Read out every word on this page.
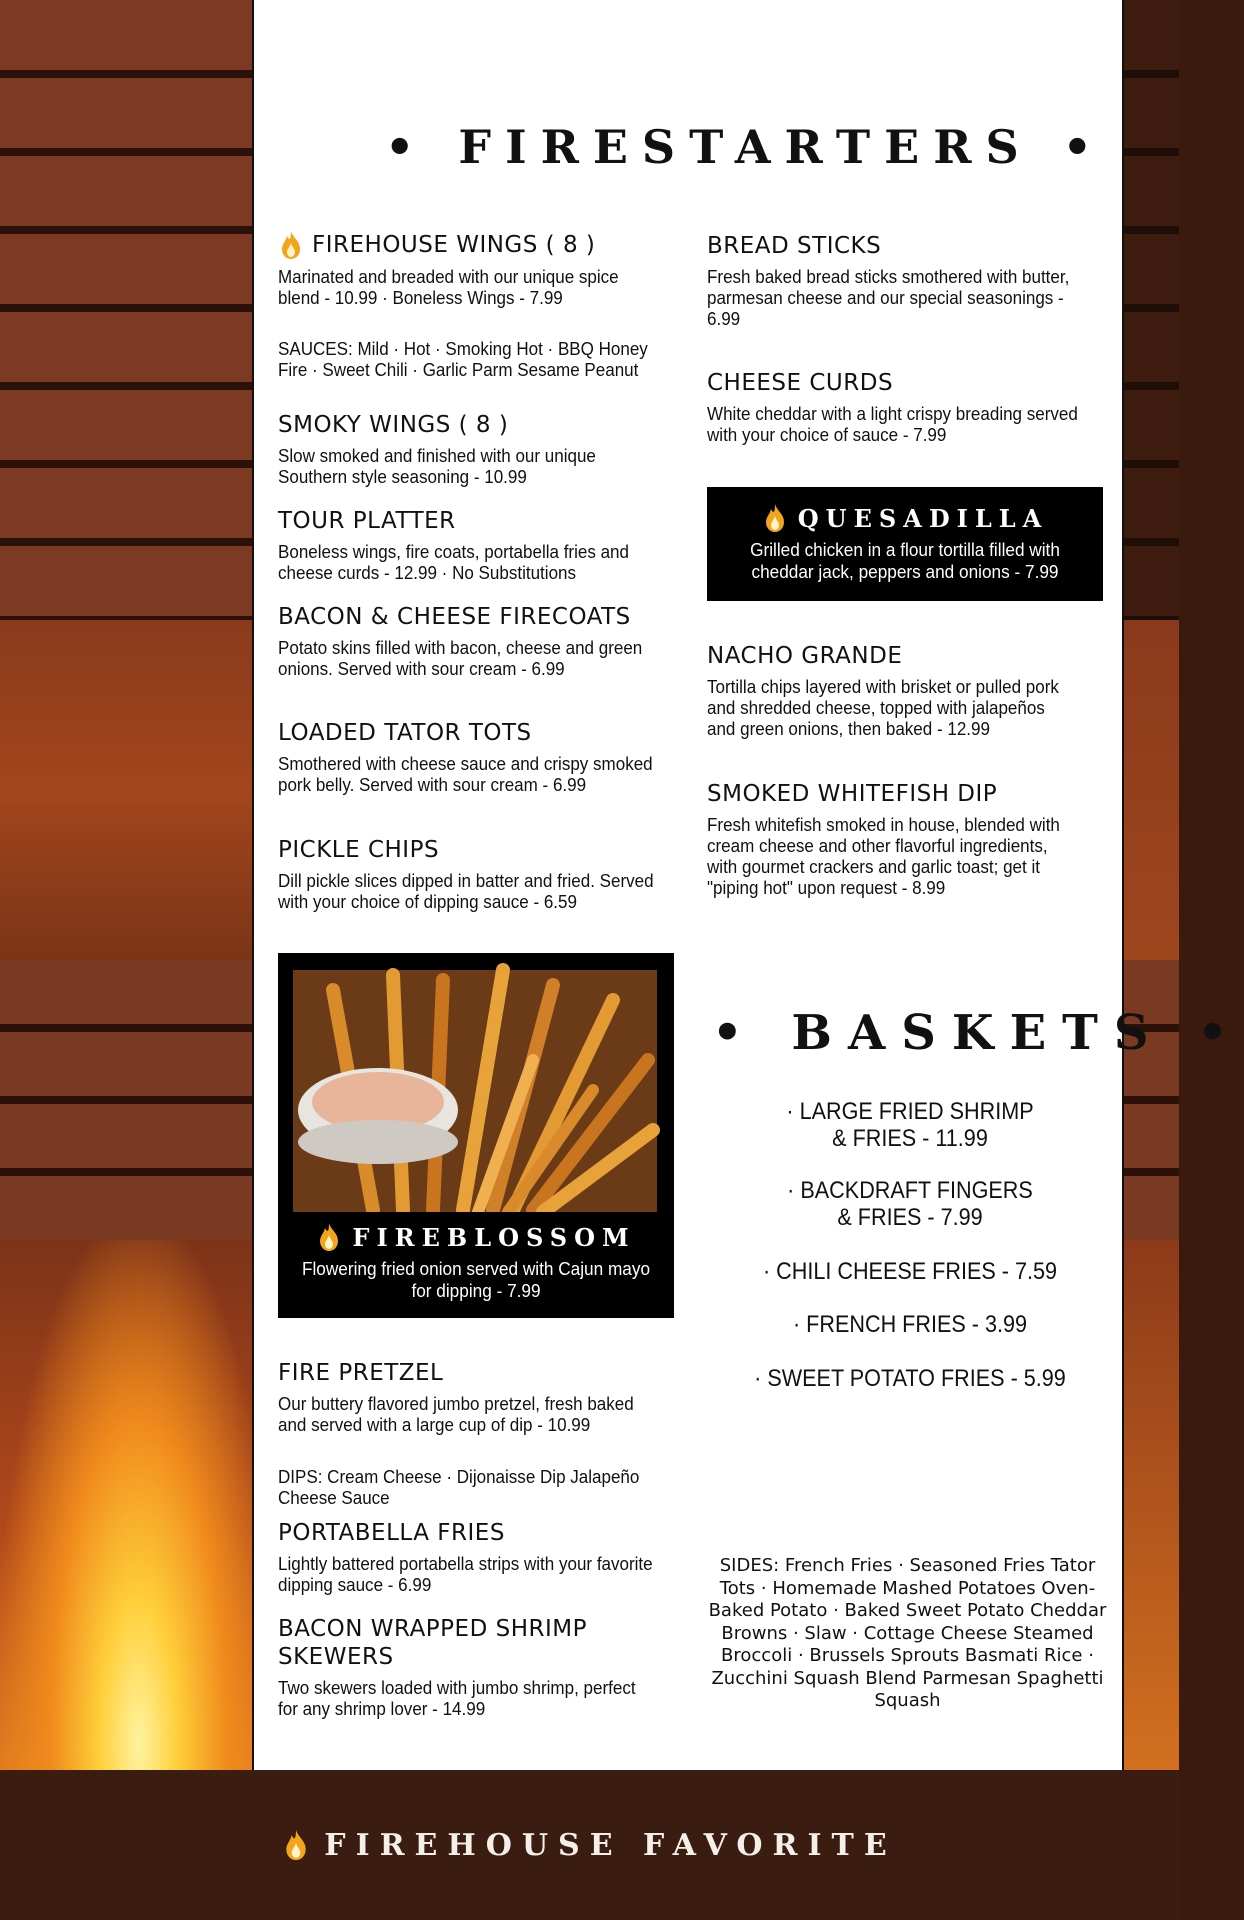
• FIRESTARTERS •
FIREHOUSE WINGS ( 8 )
Marinated and breaded with our unique spice blend - 10.99 · Boneless Wings - 7.99
SAUCES: Mild · Hot · Smoking Hot · BBQ Honey Fire · Sweet Chili · Garlic Parm Sesame Peanut
SMOKY WINGS ( 8 )
Slow smoked and finished with our unique Southern style seasoning - 10.99
TOUR PLATTER
Boneless wings, fire coats, portabella fries and cheese curds - 12.99 · No Substitutions
BACON & CHEESE FIRECOATS
Potato skins filled with bacon, cheese and green onions. Served with sour cream - 6.99
LOADED TATOR TOTS
Smothered with cheese sauce and crispy smoked pork belly. Served with sour cream - 6.99
PICKLE CHIPS
Dill pickle slices dipped in batter and fried. Served with your choice of dipping sauce - 6.59
BREAD STICKS
Fresh baked bread sticks smothered with butter, parmesan cheese and our special seasonings - 6.99
CHEESE CURDS
White cheddar with a light crispy breading served with your choice of sauce - 7.99
QUESADILLA
Grilled chicken in a flour tortilla filled with cheddar jack, peppers and onions - 7.99
NACHO GRANDE
Tortilla chips layered with brisket or pulled pork and shredded cheese, topped with jalapeños and green onions, then baked - 12.99
SMOKED WHITEFISH DIP
Fresh whitefish smoked in house, blended with cream cheese and other flavorful ingredients, with gourmet crackers and garlic toast; get it "piping hot" upon request - 8.99
FIREBLOSSOM
Flowering fried onion served with Cajun mayo for dipping - 7.99
FIRE PRETZEL
Our buttery flavored jumbo pretzel, fresh baked and served with a large cup of dip - 10.99
DIPS: Cream Cheese · Dijonaisse Dip Jalapeño Cheese Sauce
PORTABELLA FRIES
Lightly battered portabella strips with your favorite dipping sauce - 6.99
BACON WRAPPED SHRIMP SKEWERS
Two skewers loaded with jumbo shrimp, perfect for any shrimp lover - 14.99
• BASKETS •
· LARGE FRIED SHRIMP
& FRIES - 11.99
· BACKDRAFT FINGERS
& FRIES - 7.99
· CHILI CHEESE FRIES - 7.59
· FRENCH FRIES - 3.99
· SWEET POTATO FRIES - 5.99
SIDES: French Fries · Seasoned Fries Tator Tots · Homemade Mashed Potatoes Oven-Baked Potato · Baked Sweet Potato Cheddar Browns · Slaw · Cottage Cheese Steamed Broccoli · Brussels Sprouts Basmati Rice · Zucchini Squash Blend Parmesan Spaghetti Squash
FIREHOUSE FAVORITE
